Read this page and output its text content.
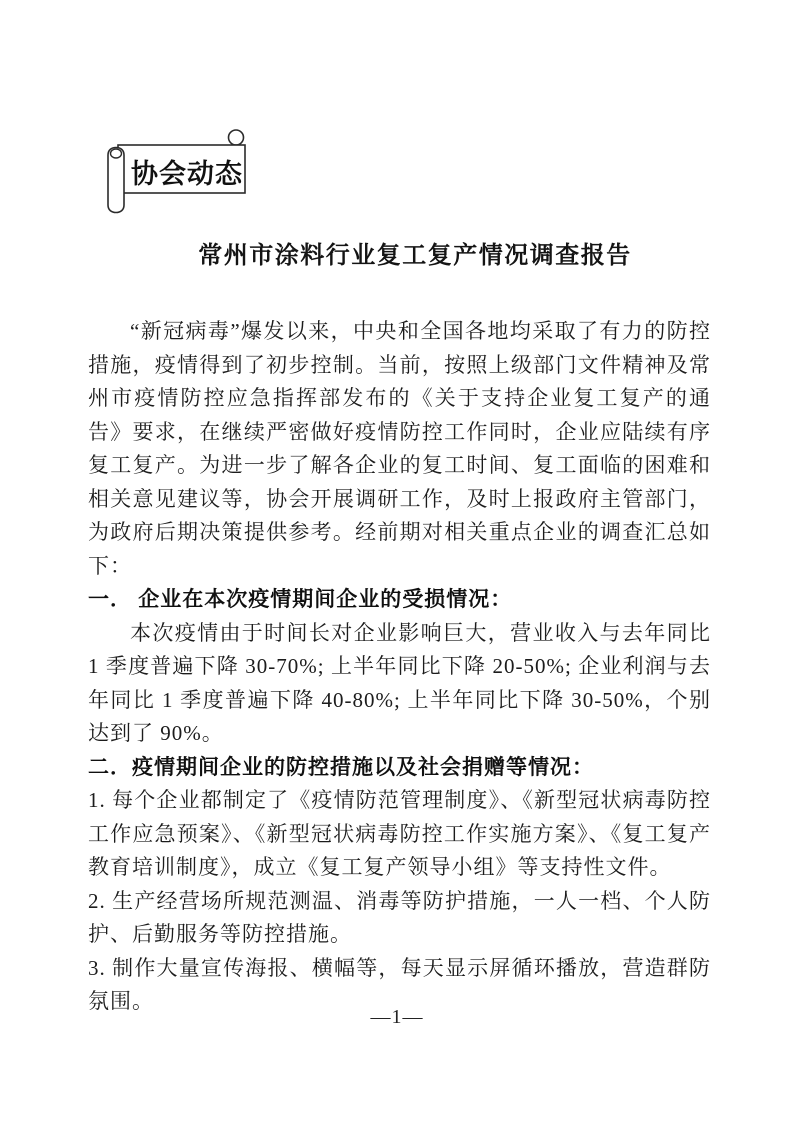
协会动态
常州市涂料行业复工复产情况调查报告

“新冠病毒”爆发以来，中央和全国各地均采取了有力的防控措施，疫情得到了初步控制。当前，按照上级部门文件精神及常州市疫情防控应急指挥部发布的《关于支持企业复工复产的通告》要求，在继续严密做好疫情防控工作同时，企业应陆续有序复工复产。为进一步了解各企业的复工时间、复工面临的困难和相关意见建议等，协会开展调研工作，及时上报政府主管部门，为政府后期决策提供参考。经前期对相关重点企业的调查汇总如下：

一． 企业在本次疫情期间企业的受损情况：

本次疫情由于时间长对企业影响巨大，营业收入与去年同比 1 季度普遍下降 30-70%; 上半年同比下降 20-50%; 企业利润与去年同比 1 季度普遍下降 40-80%; 上半年同比下降 30-50%，个别达到了 90%。

二．疫情期间企业的防控措施以及社会捐赠等情况：

1. 每个企业都制定了《疫情防范管理制度》、《新型冠状病毒防控工作应急预案》、《新型冠状病毒防控工作实施方案》、《复工复产教育培训制度》，成立《复工复产领导小组》等支持性文件。

2. 生产经营场所规范测温、消毒等防护措施，一人一档、个人防护、后勤服务等防控措施。

3. 制作大量宣传海报、横幅等，每天显示屏循环播放，营造群防氛围。

—1—
